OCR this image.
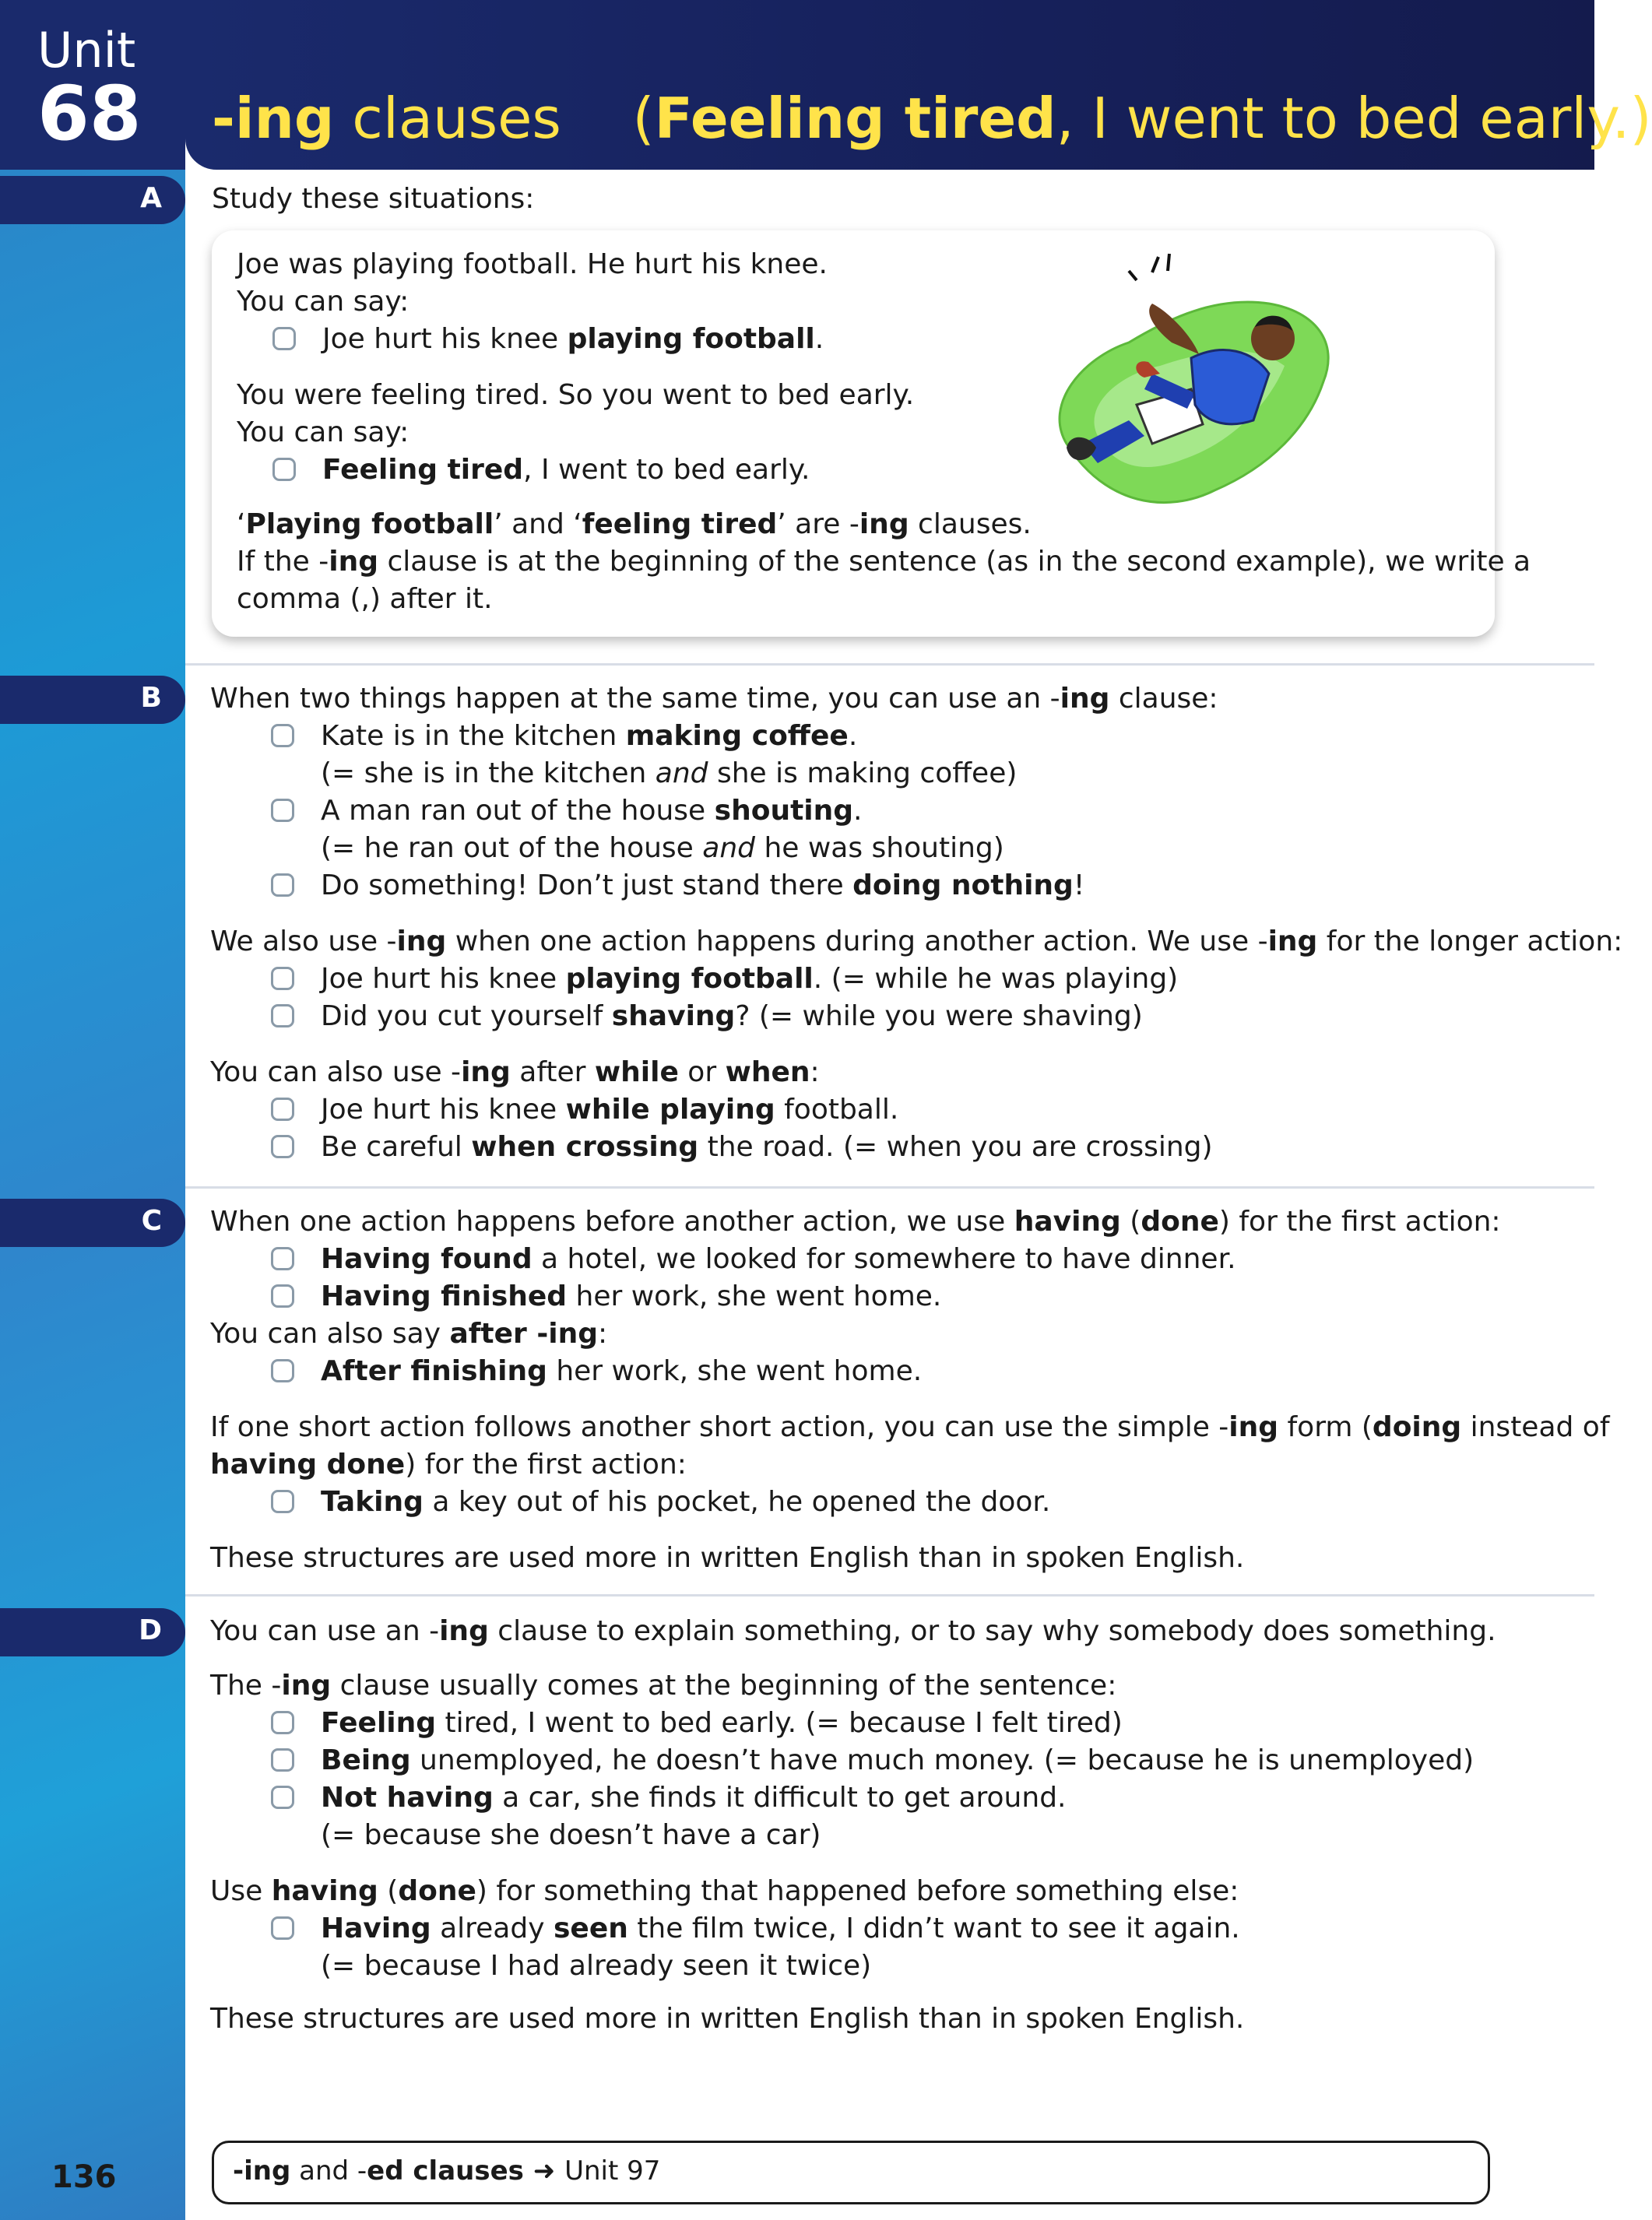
Unit
68 -ing clauses (Feeling tired, I went to bed early.)
A
B
C
D
Study these situations:
Joe was playing football. He hurt his knee.
You can say:
Joe hurt his knee playing football.
You were feeling tired. So you went to bed early.
You can say:
Feeling tired, I went to bed early.
‘Playing football’ and ‘feeling tired’ are -ing clauses.
If the -ing clause is at the beginning of the sentence (as in the second example), we write a
comma (,) after it.
When two things happen at the same time, you can use an -ing clause:
Kate is in the kitchen making coffee.
(= she is in the kitchen and she is making coffee)
A man ran out of the house shouting.
(= he ran out of the house and he was shouting)
Do something! Don’t just stand there doing nothing!
We also use -ing when one action happens during another action. We use -ing for the longer action:
Joe hurt his knee playing football. (= while he was playing)
Did you cut yourself shaving? (= while you were shaving)
You can also use -ing after while or when:
Joe hurt his knee while playing football.
Be careful when crossing the road. (= when you are crossing)
When one action happens before another action, we use having (done) for the first action:
Having found a hotel, we looked for somewhere to have dinner.
Having finished her work, she went home.
You can also say after -ing:
After finishing her work, she went home.
If one short action follows another short action, you can use the simple -ing form (doing instead of
having done) for the first action:
Taking a key out of his pocket, he opened the door.
These structures are used more in written English than in spoken English.
You can use an -ing clause to explain something, or to say why somebody does something.
The -ing clause usually comes at the beginning of the sentence:
Feeling tired, I went to bed early. (= because I felt tired)
Being unemployed, he doesn’t have much money. (= because he is unemployed)
Not having a car, she finds it difficult to get around.
(= because she doesn’t have a car)
Use having (done) for something that happened before something else:
Having already seen the film twice, I didn’t want to see it again.
(= because I had already seen it twice)
These structures are used more in written English than in spoken English.
136	-ing and -ed clauses ➜ Unit 97
